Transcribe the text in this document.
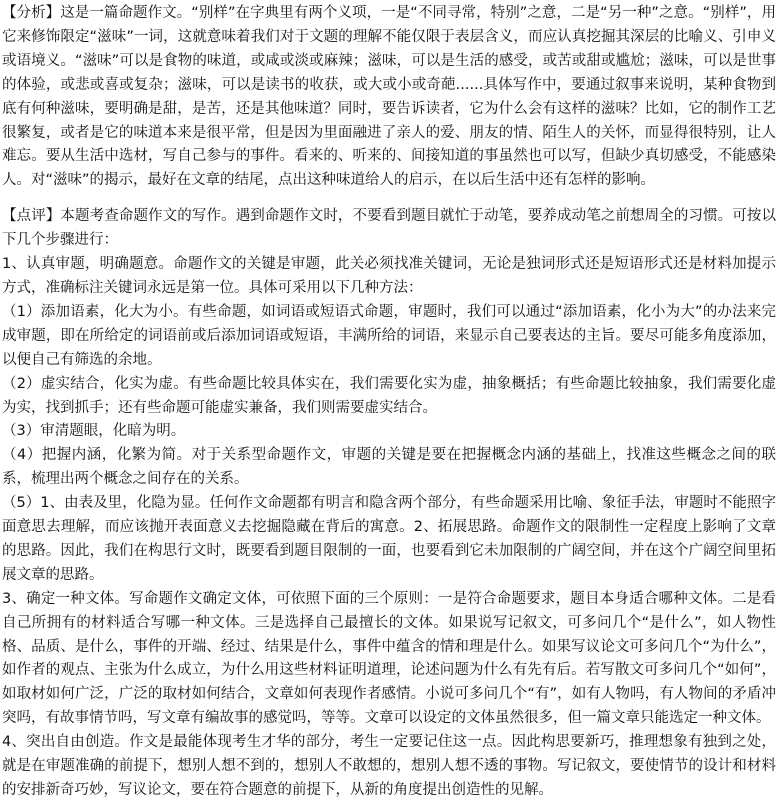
【分析】这是一篇命题作文。“别样”在字典里有两个义项，一是“不同寻常，特别”之意，二是“另一种”之意。“别样”，用它来修饰限定“滋味”一词，这就意味着我们对于文题的理解不能仅限于表层含义，而应认真挖掘其深层的比喻义、引申义或语境义。“滋味”可以是食物的味道，或咸或淡或麻辣；滋味，可以是生活的感受，或苦或甜或尴尬；滋味，可以是世事的体验，或悲或喜或复杂；滋味，可以是读书的收获，或大或小或奇葩......具体写作中，要通过叙事来说明，某种食物到底有何种滋味，要明确是甜，是苦，还是其他味道？同时，要告诉读者，它为什么会有这样的滋味？比如，它的制作工艺很繁复，或者是它的味道本来是很平常，但是因为里面融进了亲人的爱、朋友的情、陌生人的关怀，而显得很特别，让人难忘。要从生活中选材，写自己参与的事件。看来的、听来的、间接知道的事虽然也可以写，但缺少真切感受，不能感染人。对“滋味”的揭示，最好在文章的结尾，点出这种味道给人的启示，在以后生活中还有怎样的影响。

【点评】本题考查命题作文的写作。遇到命题作文时，不要看到题目就忙于动笔，要养成动笔之前想周全的习惯。可按以下几个步骤进行：

1、认真审题，明确题意。命题作文的关键是审题，此关必须找准关键词，无论是独词形式还是短语形式还是材料加提示方式，准确标注关键词永远是第一位。具体可采用以下几种方法：

（1）添加语素，化大为小。有些命题，如词语或短语式命题，审题时，我们可以通过“添加语素，化小为大”的办法来完成审题，即在所给定的词语前或后添加词语或短语，丰满所给的词语，来显示自己要表达的主旨。要尽可能多角度添加，以便自己有筛选的余地。

（2）虚实结合，化实为虚。有些命题比较具体实在，我们需要化实为虚，抽象概括；有些命题比较抽象，我们需要化虚为实，找到抓手；还有些命题可能虚实兼备，我们则需要虚实结合。

（3）审清题眼，化暗为明。

（4）把握内涵，化繁为简。对于关系型命题作文，审题的关键是要在把握概念内涵的基础上，找准这些概念之间的联系，梳理出两个概念之间存在的关系。

（5）1、由表及里，化隐为显。任何作文命题都有明言和隐含两个部分，有些命题采用比喻、象征手法，审题时不能照字面意思去理解，而应该抛开表面意义去挖掘隐藏在背后的寓意。2、拓展思路。命题作文的限制性一定程度上影响了文章的思路。因此，我们在构思行文时，既要看到题目限制的一面，也要看到它未加限制的广阔空间，并在这个广阔空间里拓展文章的思路。

3、确定一种文体。写命题作文确定文体，可依照下面的三个原则：一是符合命题要求，题目本身适合哪种文体。二是看自己所拥有的材料适合写哪一种文体。三是选择自己最擅长的文体。如果说写记叙文，可多问几个“是什么”，如人物性格、品质、是什么，事件的开端、经过、结果是什么，事件中蕴含的情和理是什么。如果写议论文可多问几个“为什么”，如作者的观点、主张为什么成立，为什么用这些材料证明道理，论述问题为什么有先有后。若写散文可多问几个“如何”，如取材如何广泛，广泛的取材如何结合，文章如何表现作者感情。小说可多问几个“有”，如有人物吗，有人物间的矛盾冲突吗，有故事情节吗，写文章有编故事的感觉吗，等等。文章可以设定的文体虽然很多，但一篇文章只能选定一种文体。

4、突出自由创造。作文是最能体现考生才华的部分，考生一定要记住这一点。因此构思要新巧，推理想象有独到之处，就是在审题准确的前提下，想别人想不到的，想别人不敢想的，想别人想不透的事物。写记叙文，要使情节的设计和材料的安排新奇巧妙，写议论文，要在符合题意的前提下，从新的角度提出创造性的见解。
